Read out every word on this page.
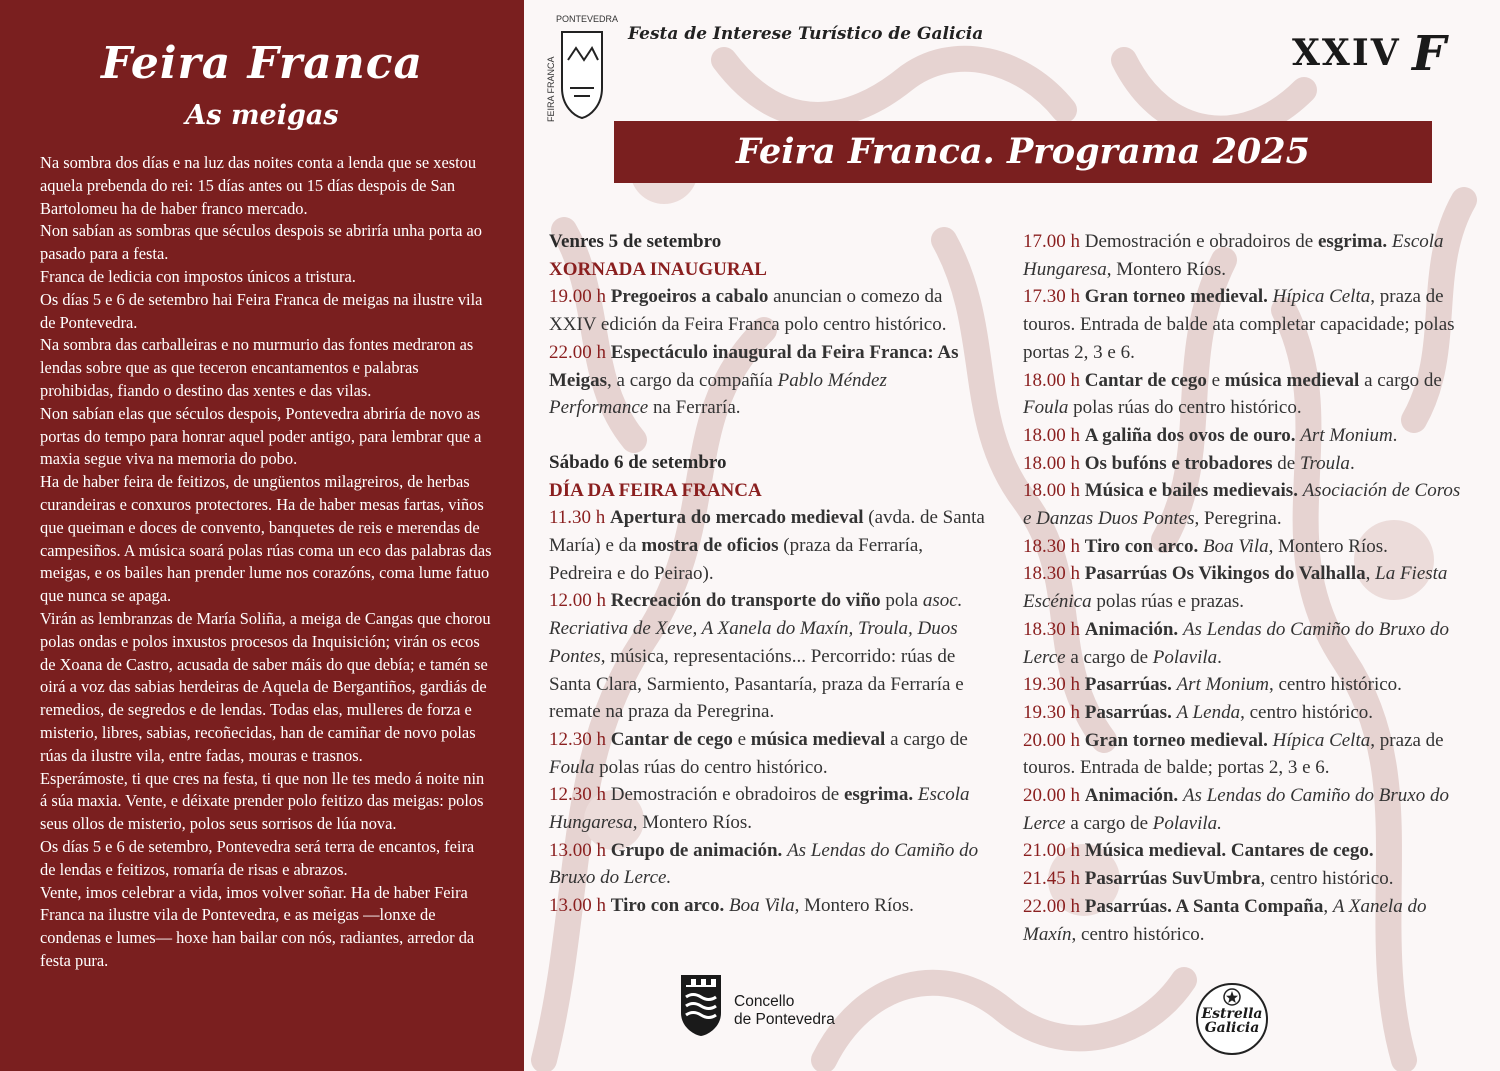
Feira Franca
As meigas

Na sombra dos días e na luz das noites conta a lenda que se xestou aquela prebenda do rei: 15 días antes ou 15 días despois de San Bartolomeu ha de haber franco mercado.

Non sabían as sombras que séculos despois se abriría unha porta ao pasado para a festa.

Franca de ledicia con impostos únicos a tristura.

Os días 5 e 6 de setembro hai Feira Franca de meigas na ilustre vila de Pontevedra.

Na sombra das carballeiras e no murmurio das fontes medraron as lendas sobre que as que teceron encantamentos e palabras prohibidas, fiando o destino das xentes e das vilas.

Non sabían elas que séculos despois, Pontevedra abriría de novo as portas do tempo para honrar aquel poder antigo, para lembrar que a maxia segue viva na memoria do pobo.

Ha de haber feira de feitizos, de ungüentos milagreiros, de herbas curandeiras e conxuros protectores. Ha de haber mesas fartas, viños que queiman e doces de convento, banquetes de reis e merendas de campesiños. A música soará polas rúas coma un eco das palabras das meigas, e os bailes han prender lume nos corazóns, coma lume fatuo que nunca se apaga.

Virán as lembranzas de María Soliña, a meiga de Cangas que chorou polas ondas e polos inxustos procesos da Inquisición; virán os ecos de Xoana de Castro, acusada de saber máis do que debía; e tamén se oirá a voz das sabias herdeiras de Aquela de Bergantiños, gardiás de remedios, de segredos e de lendas. Todas elas, mulleres de forza e misterio, libres, sabias, recoñecidas, han de camiñar de novo polas rúas da ilustre vila, entre fadas, mouras e trasnos.

Esperámoste, ti que cres na festa, ti que non lle tes medo á noite nin á súa maxia. Vente, e déixate prender polo feitizo das meigas: polos seus ollos de misterio, polos seus sorrisos de lúa nova.

Os días 5 e 6 de setembro, Pontevedra será terra de encantos, feira de lendas e feitizos, romaría de risas e abrazos.

Vente, imos celebrar a vida, imos volver soñar. Ha de haber Feira Franca na ilustre vila de Pontevedra, e as meigas —lonxe de condenas e lumes— hoxe han bailar con nós, radiantes, arredor da festa pura.

FEIRA FRANCA
PONTEVEDRA
Festa de Interese Turístico de Galicia	XXIV F
Feira Franca. Programa 2025
Venres 5 de setembro
XORNADA INAUGURAL
19.00 h Pregoeiros a cabalo anuncian o comezo da XXIV edición da Feira Franca polo centro histórico.
22.00 h Espectáculo inaugural da Feira Franca: As Meigas, a cargo da compañía Pablo Méndez Performance na Ferraría.
Sábado 6 de setembro
DÍA DA FEIRA FRANCA
11.30 h Apertura do mercado medieval (avda. de Santa María) e da mostra de oficios (praza da Ferraría, Pedreira e do Peirao).
12.00 h Recreación do transporte do viño pola asoc. Recriativa de Xeve, A Xanela do Maxín, Troula, Duos Pontes, música, representacións... Percorrido: rúas de Santa Clara, Sarmiento, Pasantaría, praza da Ferraría e remate na praza da Peregrina.
12.30 h Cantar de cego e música medieval a cargo de Foula polas rúas do centro histórico.
12.30 h Demostración e obradoiros de esgrima. Escola Hungaresa, Montero Ríos.
13.00 h Grupo de animación. As Lendas do Camiño do Bruxo do Lerce.
13.00 h Tiro con arco. Boa Vila, Montero Ríos.
17.00 h Demostración e obradoiros de esgrima. Escola Hungaresa, Montero Ríos.
17.30 h Gran torneo medieval. Hípica Celta, praza de touros. Entrada de balde ata completar capacidade; polas portas 2, 3 e 6.
18.00 h Cantar de cego e música medieval a cargo de Foula polas rúas do centro histórico.
18.00 h A galiña dos ovos de ouro. Art Monium.
18.00 h Os bufóns e trobadores de Troula.
18.00 h Música e bailes medievais. Asociación de Coros e Danzas Duos Pontes, Peregrina.
18.30 h Tiro con arco. Boa Vila, Montero Ríos.
18.30 h Pasarrúas Os Vikingos do Valhalla, La Fiesta Escénica polas rúas e prazas.
18.30 h Animación. As Lendas do Camiño do Bruxo do Lerce a cargo de Polavila.
19.30 h Pasarrúas. Art Monium, centro histórico.
19.30 h Pasarrúas. A Lenda, centro histórico.
20.00 h Gran torneo medieval. Hípica Celta, praza de touros. Entrada de balde; portas 2, 3 e 6.
20.00 h Animación. As Lendas do Camiño do Bruxo do Lerce a cargo de Polavila.
21.00 h Música medieval. Cantares de cego.
21.45 h Pasarrúas SuvUmbra, centro histórico.
22.00 h Pasarrúas. A Santa Compaña, A Xanela do Maxín, centro histórico.
Concello
de Pontevedra	Estrella
Galicia
